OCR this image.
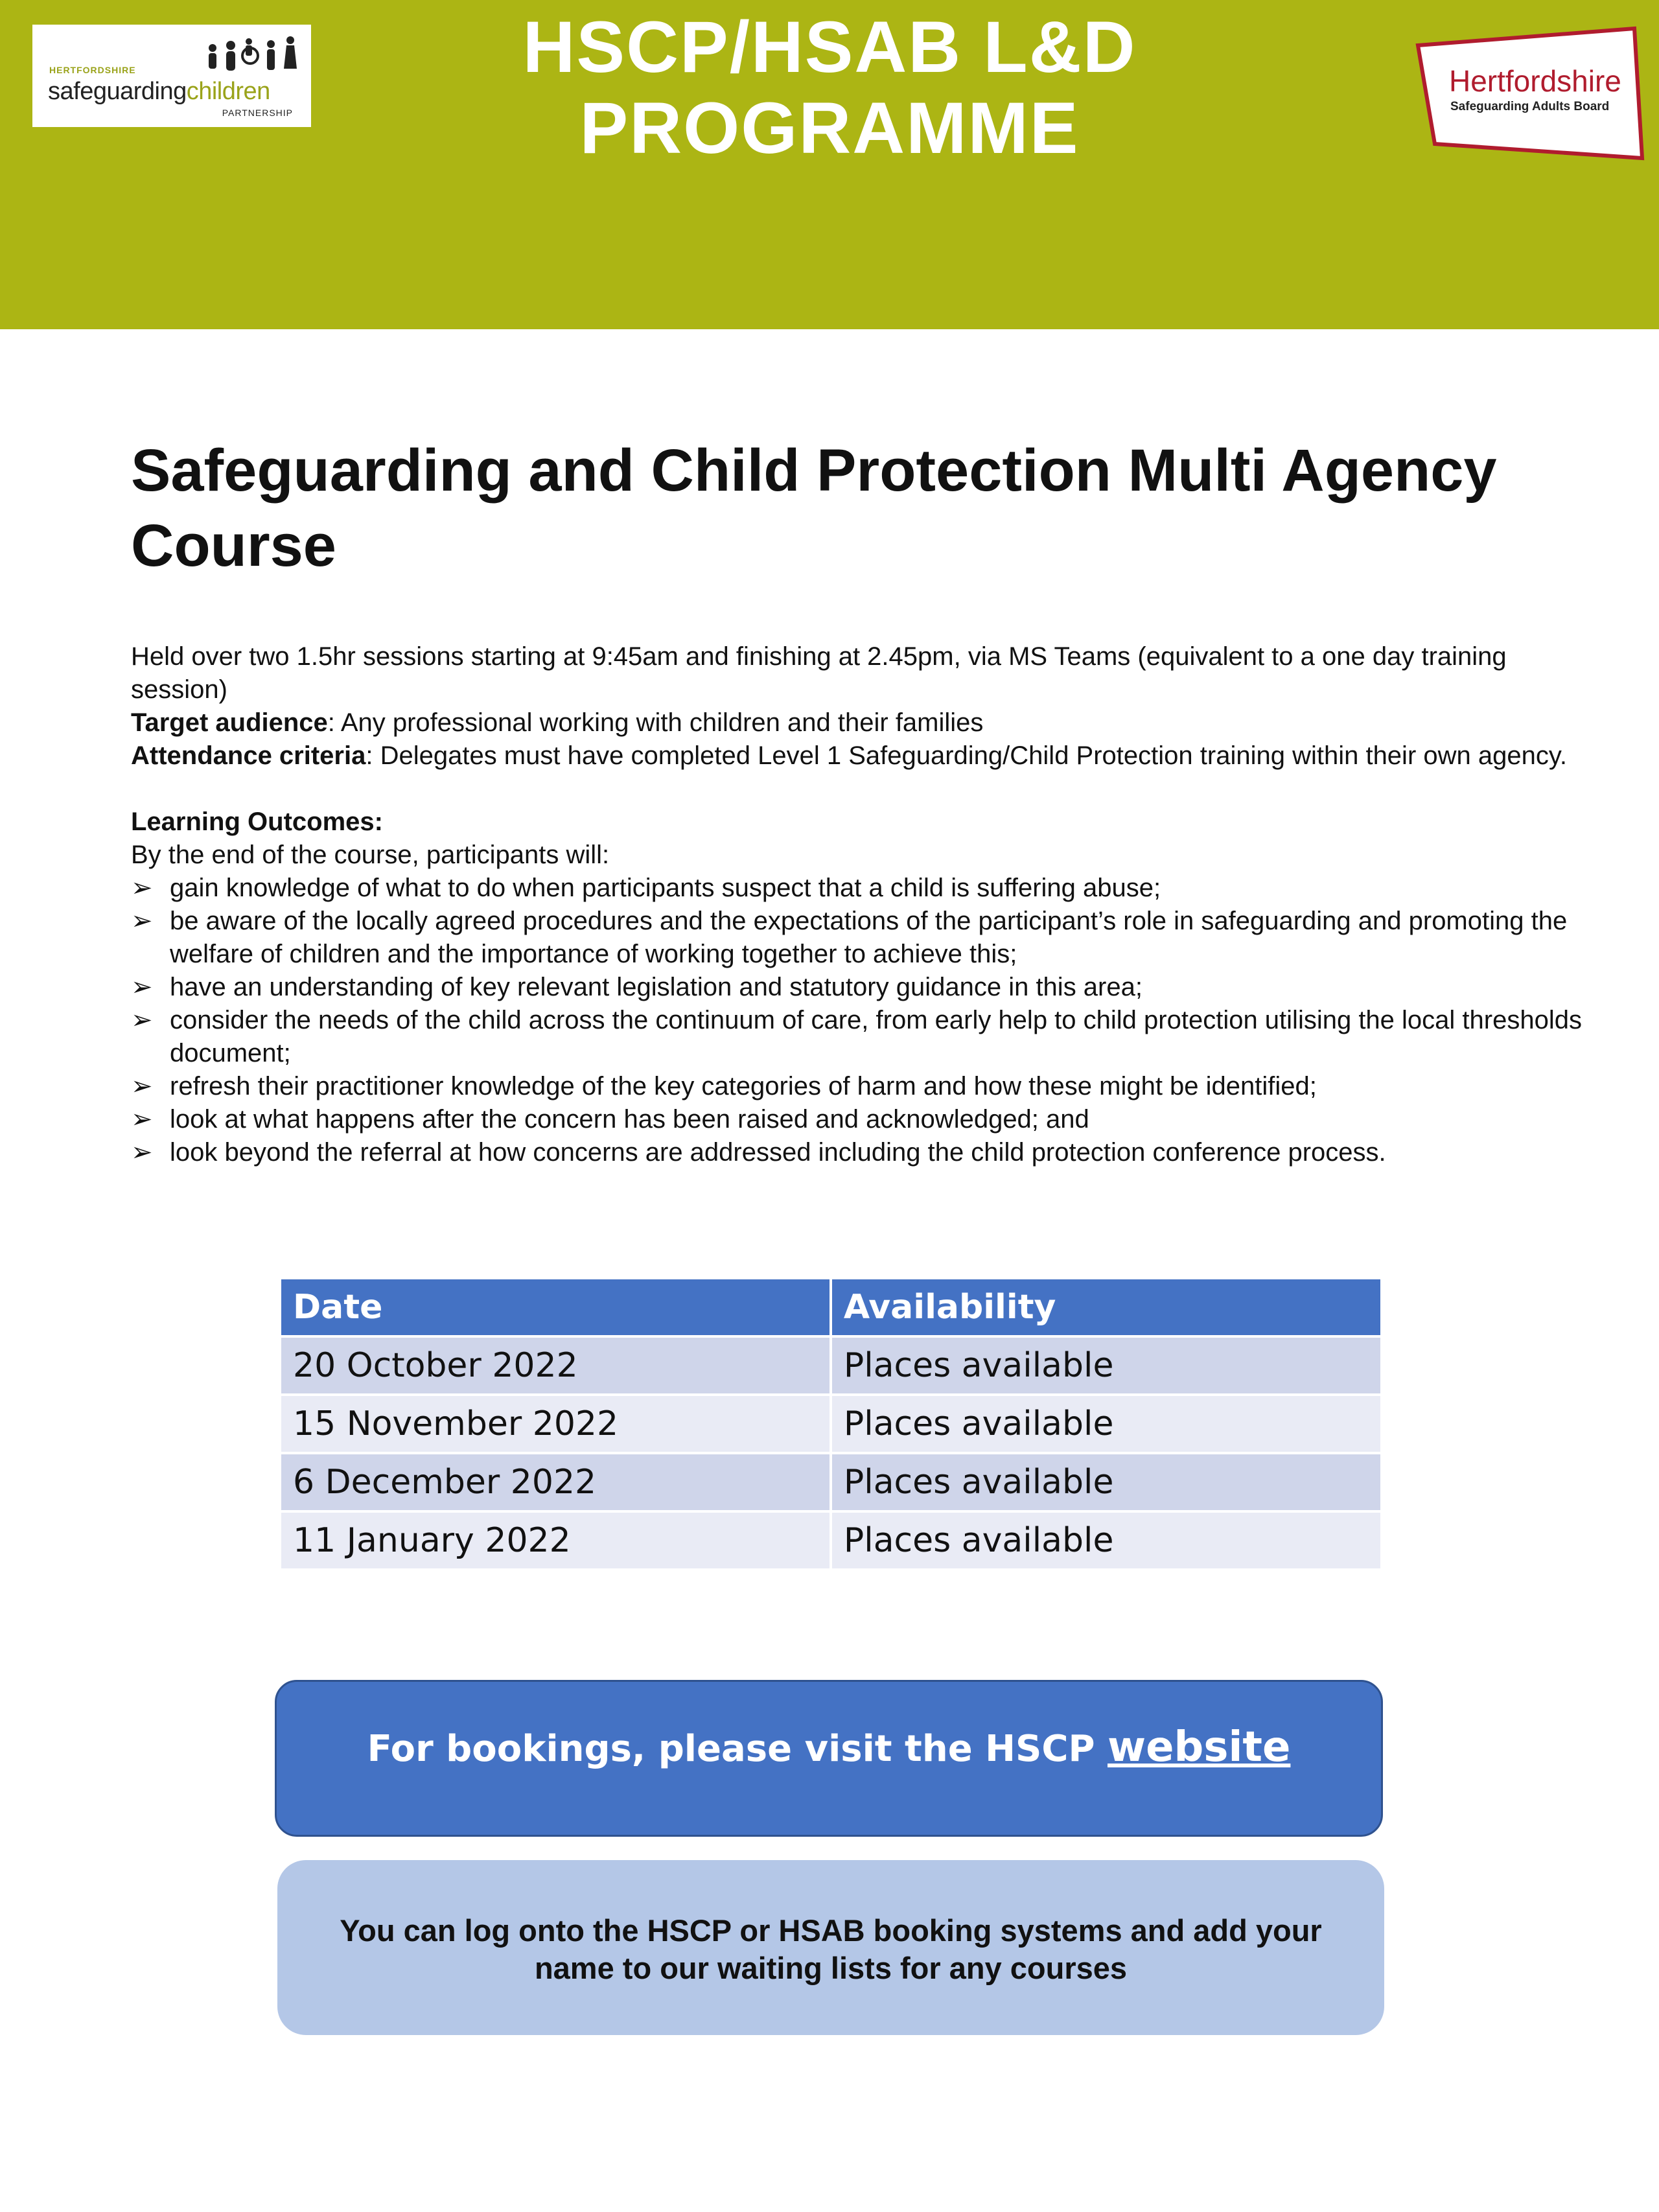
HERTFORDSHIRE
safeguardingchildren
PARTNERSHIP
HSCP/HSAB L&D
PROGRAMME
Hertfordshire
Safeguarding Adults Board
Safeguarding and Child Protection Multi Agency Course

Held over two 1.5hr sessions starting at 9:45am and finishing at 2.45pm, via MS Teams (equivalent to a one day training session)

Target audience: Any professional working with children and their families

Attendance criteria: Delegates must have completed Level 1 Safeguarding/Child Protection training within their own agency.

Learning Outcomes:

By the end of the course, participants will:

➢ gain knowledge of what to do when participants suspect that a child is suffering abuse;
➢ be aware of the locally agreed procedures and the expectations of the participant’s role in safeguarding and promoting the welfare of children and the importance of working together to achieve this;
➢ have an understanding of key relevant legislation and statutory guidance in this area;
➢ consider the needs of the child across the continuum of care, from early help to child protection utilising the local thresholds document;
➢ refresh their practitioner knowledge of the key categories of harm and how these might be identified;
➢ look at what happens after the concern has been raised and acknowledged; and
➢ look beyond the referral at how concerns are addressed including the child protection conference process.
Date	Availability
20 October 2022	Places available
15 November 2022	Places available
6 December 2022	Places available
11 January 2022	Places available
For bookings, please visit the HSCP website
You can log onto the HSCP or HSAB booking systems and add your name to our waiting lists for any courses
